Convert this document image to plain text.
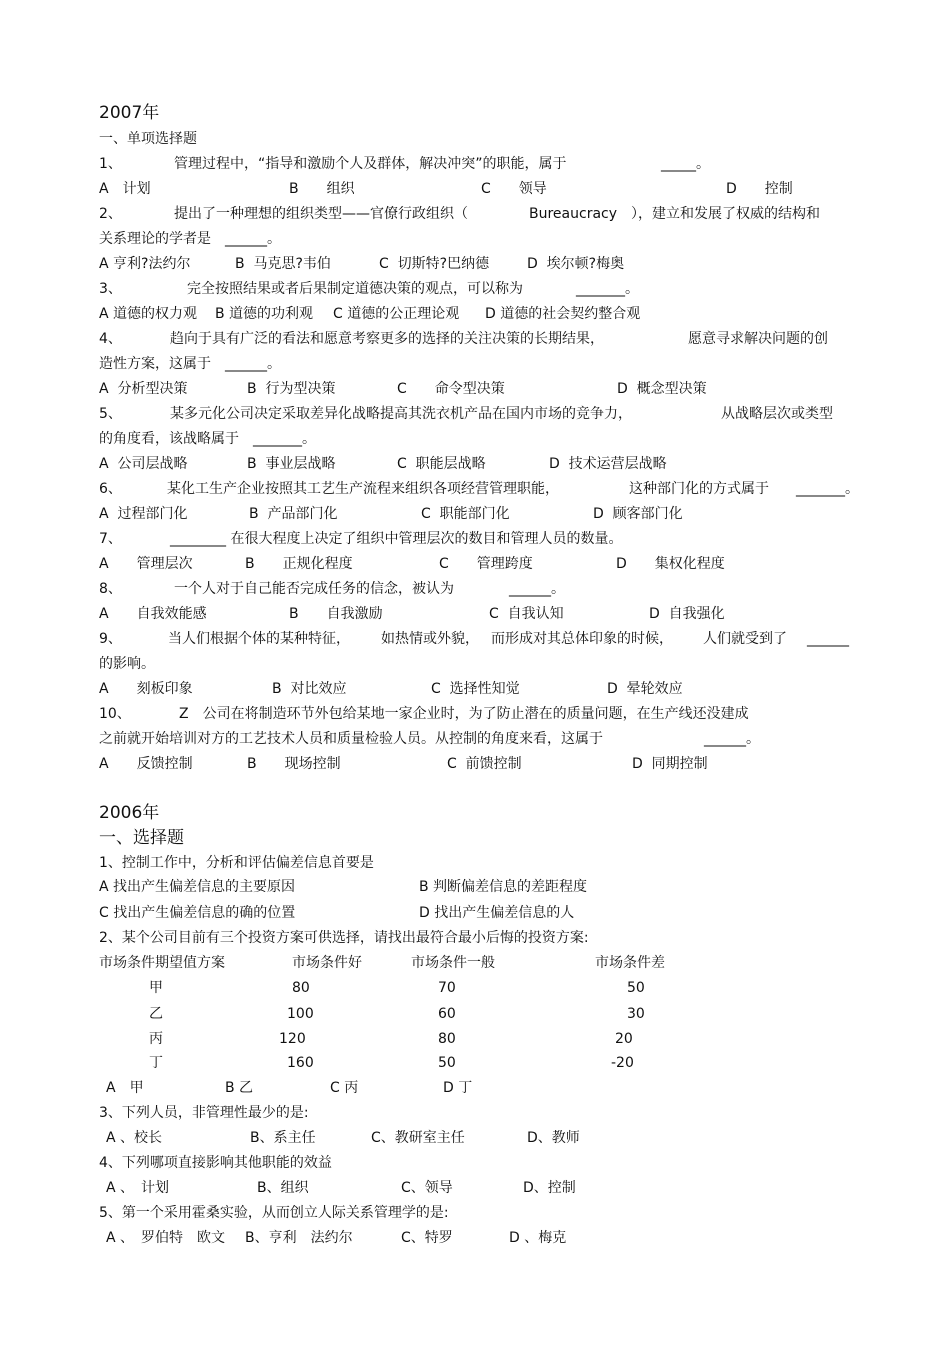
2007年
一、单项选择题

1、

	管理过程中，“指导和激励个人及群体，解决冲突”的职能，属于

	_____。

A　计划

	B　　组织

	C　　领导

	D　　控制

2、

	提出了一种理想的组织类型——官僚行政组织（

	Bureaucracy　），建立和发展了权威的结构和

关系理论的学者是　______。

A 亨利?法约尔

	B  马克思?韦伯

	C  切斯特?巴纳德

	D  埃尔顿?梅奥

3、

	完全按照结果或者后果制定道德决策的观点，可以称为

	_______。

A 道德的权力观

B 道德的功利观

C 道德的公正理论观

D 道德的社会契约整合观

4、

	趋向于具有广泛的看法和愿意考察更多的选择的关注决策的长期结果，

	愿意寻求解决问题的创

造性方案，这属于　______。

A  分析型决策

	B  行为型决策

	C　　命令型决策

	D  概念型决策

5、

	某多元化公司决定采取差异化战略提高其洗衣机产品在国内市场的竞争力，

	从战略层次或类型

的角度看，该战略属于　_______。

A  公司层战略

	B  事业层战略

	C  职能层战略

	D  技术运营层战略

6、

	某化工生产企业按照其工艺生产流程来组织各项经营管理职能，

	这种部门化的方式属于

_______。

A  过程部门化

	B  产品部门化

	C  职能部门化

	D  顾客部门化

7、

	________ 在很大程度上决定了组织中管理层次的数目和管理人员的数量。

A　　管理层次

	B　　正规化程度

	C　　管理跨度

	D　　集权化程度

8、

	一个人对于自己能否完成任务的信念，被认为

	______。

A　　自我效能感

	B　　自我激励

	C  自我认知

	D  自我强化

9、

	当人们根据个体的某种特征，

如热情或外貌，

而形成对其总体印象的时候，

人们就受到了

______

的影响。

A　　刻板印象

	B  对比效应

	C  选择性知觉

	D  晕轮效应

10、

	Z　公司在将制造环节外包给某地一家企业时，为了防止潜在的质量问题，在生产线还没建成

之前就开始培训对方的工艺技术人员和质量检验人员。从控制的角度来看，这属于

	______。

A　　反馈控制

	B　　现场控制

	C  前馈控制

	D  同期控制

2006年
一、选择题
1、控制工作中，分析和评估偏差信息首要是

A 找出产生偏差信息的主要原因

	B 判断偏差信息的差距程度

C 找出产生偏差信息的确的位置

	D 找出产生偏差信息的人

2、某个公司目前有三个投资方案可供选择，请找出最符合最小后悔的投资方案:

市场条件期望值方案

	市场条件好

	市场条件一般

	市场条件差

甲

	80

	70

	50

乙

	100

	60

	30

丙

	120

	80

	20

丁

	160

	50

	-20

A　甲

	B 乙

	C 丙

	D 丁

3、下列人员，非管理性最少的是:

A 、校长

	B、系主任

	C、教研室主任

	D、教师

4、下列哪项直接影响其他职能的效益

A 、　计划

	B、组织

	C、领导

	D、控制

5、第一个采用霍桑实验，从而创立人际关系管理学的是:

A 、　罗伯特　欧文

B、亨利　法约尔

	C、特罗

	D 、梅克
